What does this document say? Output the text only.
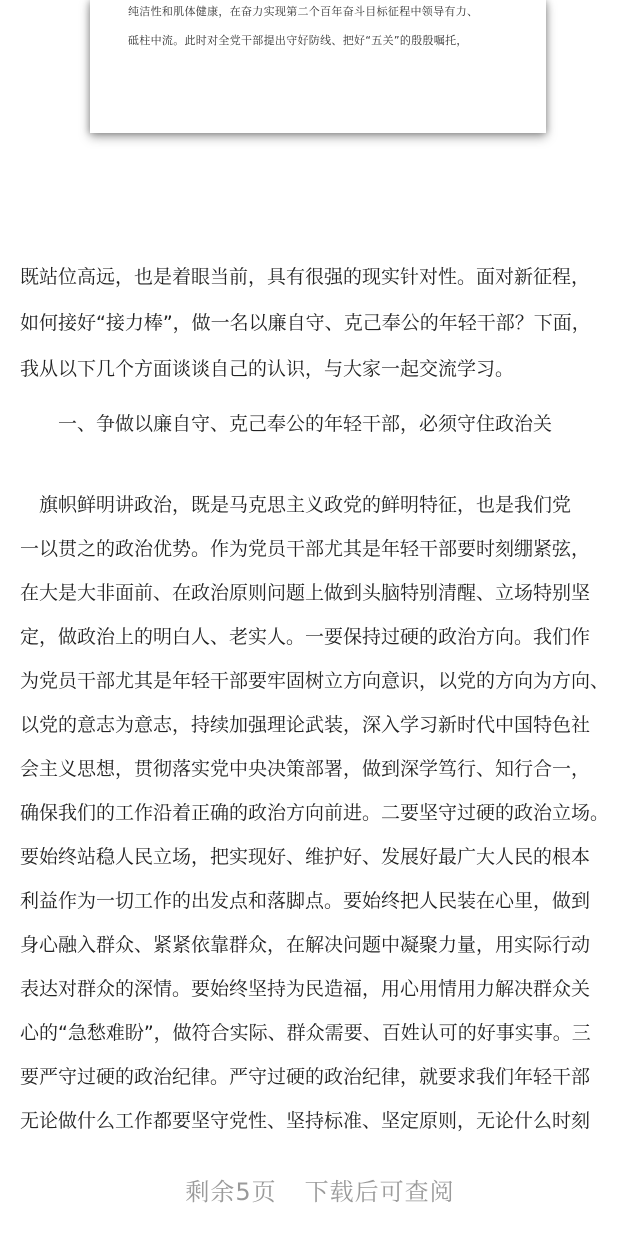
纯洁性和肌体健康，在奋力实现第二个百年奋斗目标征程中领导有力、
砥柱中流。此时对全党干部提出守好防线、把好“五关”的殷殷嘱托，
既站位高远，也是着眼当前，具有很强的现实针对性。面对新征程，
如何接好“接力棒”，做一名以廉自守、克己奉公的年轻干部？下面，
我从以下几个方面谈谈自己的认识，与大家一起交流学习。
一、争做以廉自守、克己奉公的年轻干部，必须守住政治关
　旗帜鲜明讲政治，既是马克思主义政党的鲜明特征，也是我们党
一以贯之的政治优势。作为党员干部尤其是年轻干部要时刻绷紧弦，
在大是大非面前、在政治原则问题上做到头脑特别清醒、立场特别坚
定，做政治上的明白人、老实人。一要保持过硬的政治方向。我们作
为党员干部尤其是年轻干部要牢固树立方向意识，以党的方向为方向、
以党的意志为意志，持续加强理论武装，深入学习新时代中国特色社
会主义思想，贯彻落实党中央决策部署，做到深学笃行、知行合一，
确保我们的工作沿着正确的政治方向前进。二要坚守过硬的政治立场。
要始终站稳人民立场，把实现好、维护好、发展好最广大人民的根本
利益作为一切工作的出发点和落脚点。要始终把人民装在心里，做到
身心融入群众、紧紧依靠群众，在解决问题中凝聚力量，用实际行动
表达对群众的深情。要始终坚持为民造福，用心用情用力解决群众关
心的“急愁难盼”，做符合实际、群众需要、百姓认可的好事实事。三
要严守过硬的政治纪律。严守过硬的政治纪律，就要求我们年轻干部
无论做什么工作都要坚守党性、坚持标准、坚定原则，无论什么时刻
剩余5页 下载后可查阅
